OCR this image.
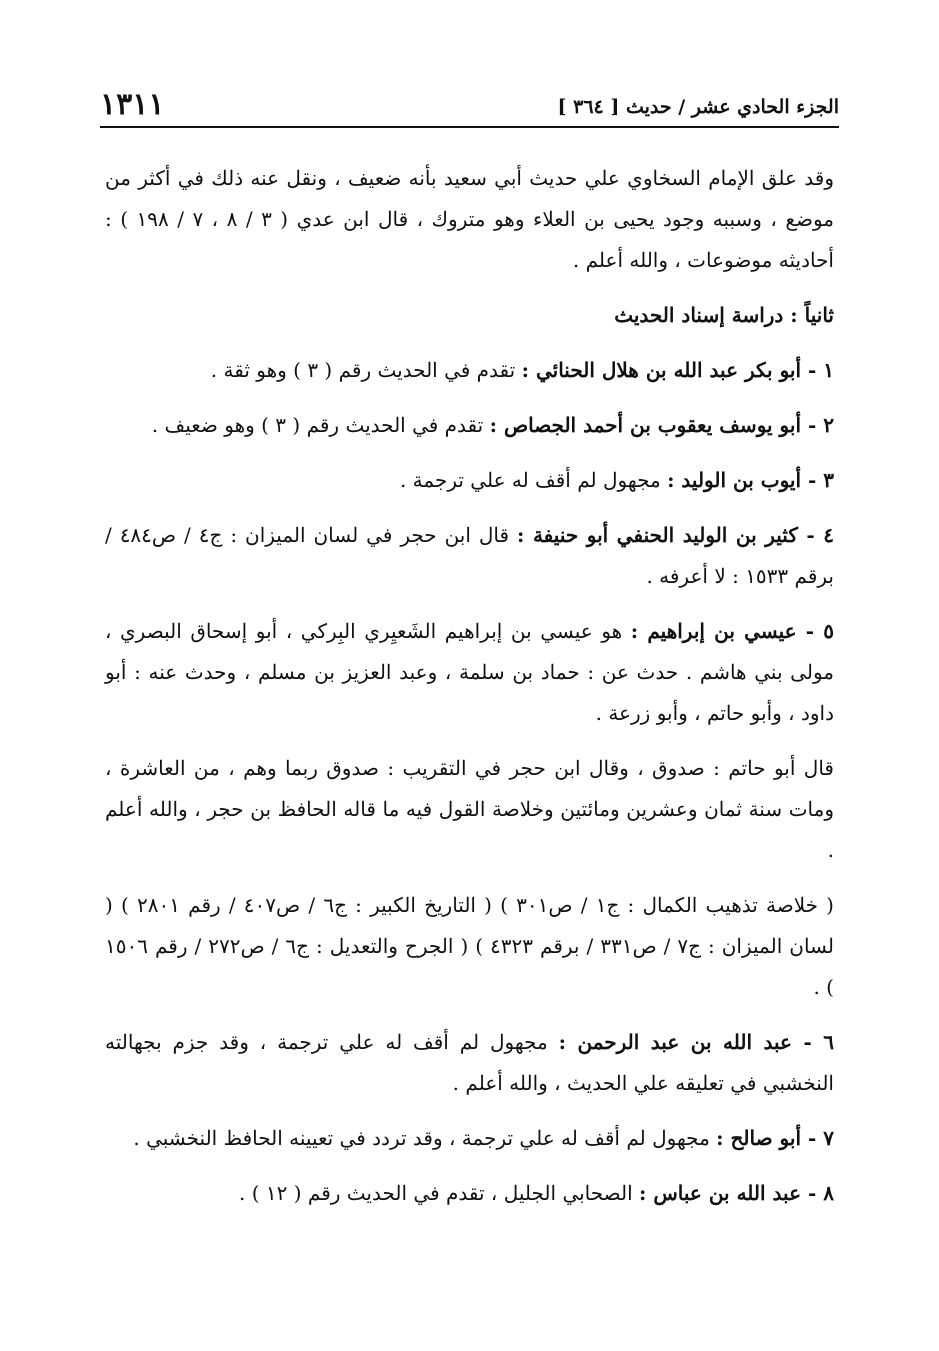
١٣١١	الجزء الحادي عشر / حديث [ ٣٦٤ ]

وقد علق الإمام السخاوي علي حديث أبي سعيد بأنه ضعيف ، ونقل عنه ذلك في أكثر من موضع ، وسببه وجود يحيى بن العلاء وهو متروك ، قال ابن عدي ( ٣ / ٨ ، ٧ / ١٩٨ ) : أحاديثه موضوعات ، والله أعلم .

ثانياً : دراسة إسناد الحديث

١ - أبو بكر عبد الله بن هلال الحنائي : تقدم في الحديث رقم ( ٣ ) وهو ثقة .

٢ - أبو يوسف يعقوب بن أحمد الجصاص : تقدم في الحديث رقم ( ٣ ) وهو ضعيف .

٣ - أيوب بن الوليد : مجهول لم أقف له علي ترجمة .

٤ - كثير بن الوليد الحنفي أبو حنيفة : قال ابن حجر في لسان الميزان : ج٤ / ص٤٨٤ / برقم ١٥٣٣ : لا أعرفه .

٥ - عيسي بن إبراهيم : هو عيسي بن إبراهيم الشَعيِري البِركي ، أبو إسحاق البصري ، مولى بني هاشم . حدث عن : حماد بن سلمة ، وعبد العزيز بن مسلم ، وحدث عنه : أبو داود ، وأبو حاتم ، وأبو زرعة .

قال أبو حاتم : صدوق ، وقال ابن حجر في التقريب : صدوق ربما وهم ، من العاشرة ، ومات سنة ثمان وعشرين ومائتين وخلاصة القول فيه ما قاله الحافظ بن حجر ، والله أعلم .

( خلاصة تذهيب الكمال : ج١ / ص٣٠١ ) ( التاريخ الكبير : ج٦ / ص٤٠٧ / رقم ٢٨٠١ ) ( لسان الميزان : ج٧ / ص٣٣١ / برقم ٤٣٢٣ ) ( الجرح والتعديل : ج٦ / ص٢٧٢ / رقم ١٥٠٦ ) .

٦ - عبد الله بن عبد الرحمن : مجهول لم أقف له علي ترجمة ، وقد جزم بجهالته النخشبي في تعليقه علي الحديث ، والله أعلم .

٧ - أبو صالح : مجهول لم أقف له علي ترجمة ، وقد تردد في تعيينه الحافظ النخشبي .

٨ - عبد الله بن عباس : الصحابي الجليل ، تقدم في الحديث رقم ( ١٢ ) .
